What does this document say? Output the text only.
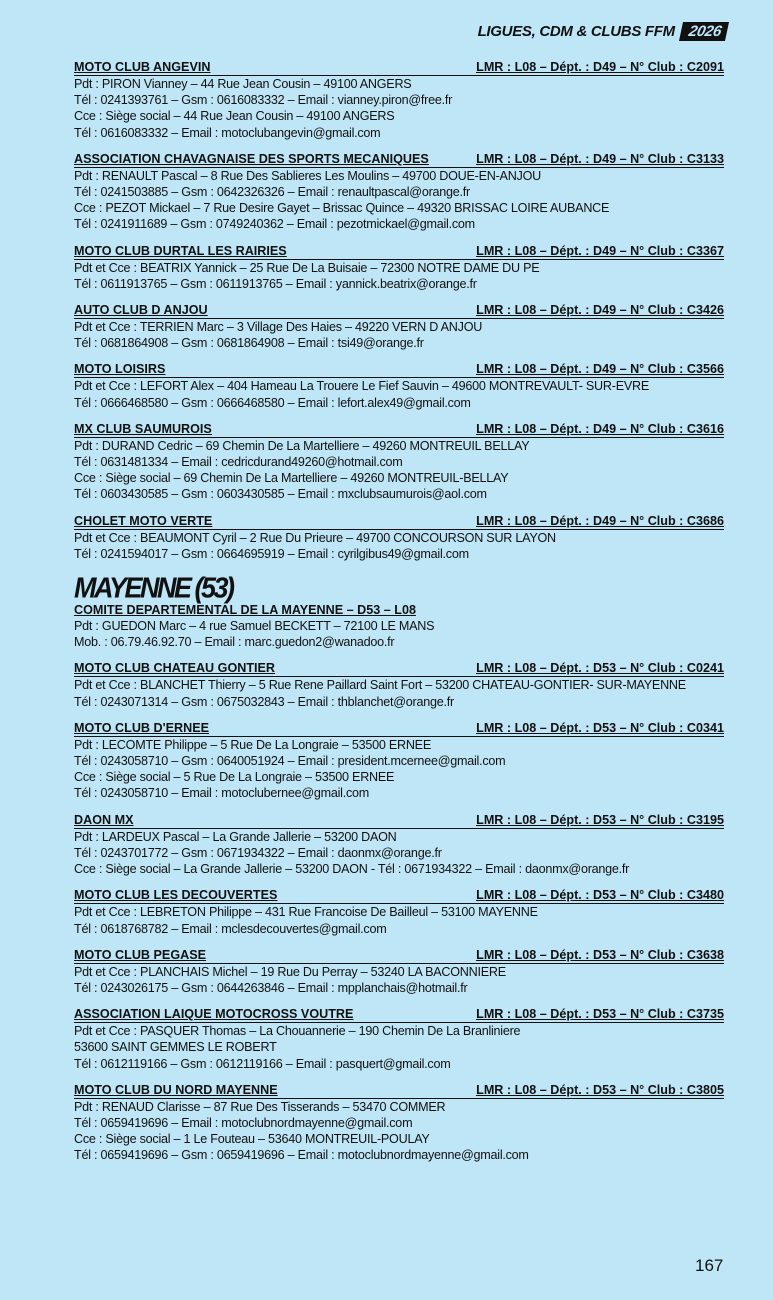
LIGUES, CDM & CLUBS FFM 2026
MOTO CLUB ANGEVIN	LMR : L08 – Dépt. : D49 – N° Club : C2091
Pdt : PIRON Vianney – 44 Rue Jean Cousin – 49100 ANGERS
Tél : 0241393761 – Gsm : 0616083332 – Email : vianney.piron@free.fr
Cce : Siège social – 44 Rue Jean Cousin – 49100 ANGERS
Tél : 0616083332 – Email : motoclubangevin@gmail.com
ASSOCIATION CHAVAGNAISE DES SPORTS MECANIQUES	LMR : L08 – Dépt. : D49 – N° Club : C3133
Pdt : RENAULT Pascal – 8 Rue Des Sablieres Les Moulins – 49700 DOUE-EN-ANJOU
Tél : 0241503885 – Gsm : 0642326326 – Email : renaultpascal@orange.fr
Cce : PEZOT Mickael – 7 Rue Desire Gayet – Brissac Quince – 49320 BRISSAC LOIRE AUBANCE
Tél : 0241911689 – Gsm : 0749240362 – Email : pezotmickael@gmail.com
MOTO CLUB DURTAL LES RAIRIES	LMR : L08 – Dépt. : D49 – N° Club : C3367
Pdt et Cce : BEATRIX Yannick – 25 Rue De La Buisaie – 72300 NOTRE DAME DU PE
Tél : 0611913765 – Gsm : 0611913765 – Email : yannick.beatrix@orange.fr
AUTO CLUB D ANJOU	LMR : L08 – Dépt. : D49 – N° Club : C3426
Pdt et Cce : TERRIEN Marc – 3 Village Des Haies – 49220 VERN D ANJOU
Tél : 0681864908 – Gsm : 0681864908 – Email : tsi49@orange.fr
MOTO LOISIRS	LMR : L08 – Dépt. : D49 – N° Club : C3566
Pdt et Cce : LEFORT Alex – 404 Hameau La Trouere Le Fief Sauvin – 49600 MONTREVAULT- SUR-EVRE
Tél : 0666468580 – Gsm : 0666468580 – Email : lefort.alex49@gmail.com
MX CLUB SAUMUROIS	LMR : L08 – Dépt. : D49 – N° Club : C3616
Pdt : DURAND Cedric – 69 Chemin De La Martelliere – 49260 MONTREUIL BELLAY
Tél : 0631481334 – Email : cedricdurand49260@hotmail.com
Cce : Siège social – 69 Chemin De La Martelliere – 49260 MONTREUIL-BELLAY
Tél : 0603430585 – Gsm : 0603430585 – Email : mxclubsaumurois@aol.com
CHOLET MOTO VERTE	LMR : L08 – Dépt. : D49 – N° Club : C3686
Pdt et Cce : BEAUMONT Cyril – 2 Rue Du Prieure – 49700 CONCOURSON SUR LAYON
Tél : 0241594017 – Gsm : 0664695919 – Email : cyrilgibus49@gmail.com
MAYENNE (53)
COMITE DEPARTEMENTAL DE LA MAYENNE – D53 – L08
Pdt : GUEDON Marc – 4 rue Samuel BECKETT – 72100 LE MANS
Mob. : 06.79.46.92.70 – Email : marc.guedon2@wanadoo.fr
MOTO CLUB CHATEAU GONTIER	LMR : L08 – Dépt. : D53 – N° Club : C0241
Pdt et Cce : BLANCHET Thierry – 5 Rue Rene Paillard Saint Fort – 53200 CHATEAU-GONTIER- SUR-MAYENNE
Tél : 0243071314 – Gsm : 0675032843 – Email : thblanchet@orange.fr
MOTO CLUB D'ERNEE	LMR : L08 – Dépt. : D53 – N° Club : C0341
Pdt : LECOMTE Philippe – 5 Rue De La Longraie – 53500 ERNEE
Tél : 0243058710 – Gsm : 0640051924 – Email : president.mcernee@gmail.com
Cce : Siège social – 5 Rue De La Longraie – 53500 ERNEE
Tél : 0243058710 – Email : motoclubernee@gmail.com
DAON MX	LMR : L08 – Dépt. : D53 – N° Club : C3195
Pdt : LARDEUX Pascal – La Grande Jallerie – 53200 DAON
Tél : 0243701772 – Gsm : 0671934322 – Email : daonmx@orange.fr
Cce : Siège social – La Grande Jallerie – 53200 DAON - Tél : 0671934322 – Email : daonmx@orange.fr
MOTO CLUB LES DECOUVERTES	LMR : L08 – Dépt. : D53 – N° Club : C3480
Pdt et Cce : LEBRETON Philippe – 431 Rue Francoise De Bailleul – 53100 MAYENNE
Tél : 0618768782 – Email : mclesdecouvertes@gmail.com
MOTO CLUB PEGASE	LMR : L08 – Dépt. : D53 – N° Club : C3638
Pdt et Cce : PLANCHAIS Michel – 19 Rue Du Perray – 53240 LA BACONNIERE
Tél : 0243026175 – Gsm : 0644263846 – Email : mpplanchais@hotmail.fr
ASSOCIATION LAIQUE MOTOCROSS VOUTRE	LMR : L08 – Dépt. : D53 – N° Club : C3735
Pdt et Cce : PASQUER Thomas – La Chouannerie – 190 Chemin De La Branliniere
53600 SAINT GEMMES LE ROBERT
Tél : 0612119166 – Gsm : 0612119166 – Email : pasquert@gmail.com
MOTO CLUB DU NORD MAYENNE	LMR : L08 – Dépt. : D53 – N° Club : C3805
Pdt : RENAUD Clarisse – 87 Rue Des Tisserands – 53470 COMMER
Tél : 0659419696 – Email : motoclubnordmayenne@gmail.com
Cce : Siège social – 1 Le Fouteau – 53640 MONTREUIL-POULAY
Tél : 0659419696 – Gsm : 0659419696 – Email : motoclubnordmayenne@gmail.com
167
